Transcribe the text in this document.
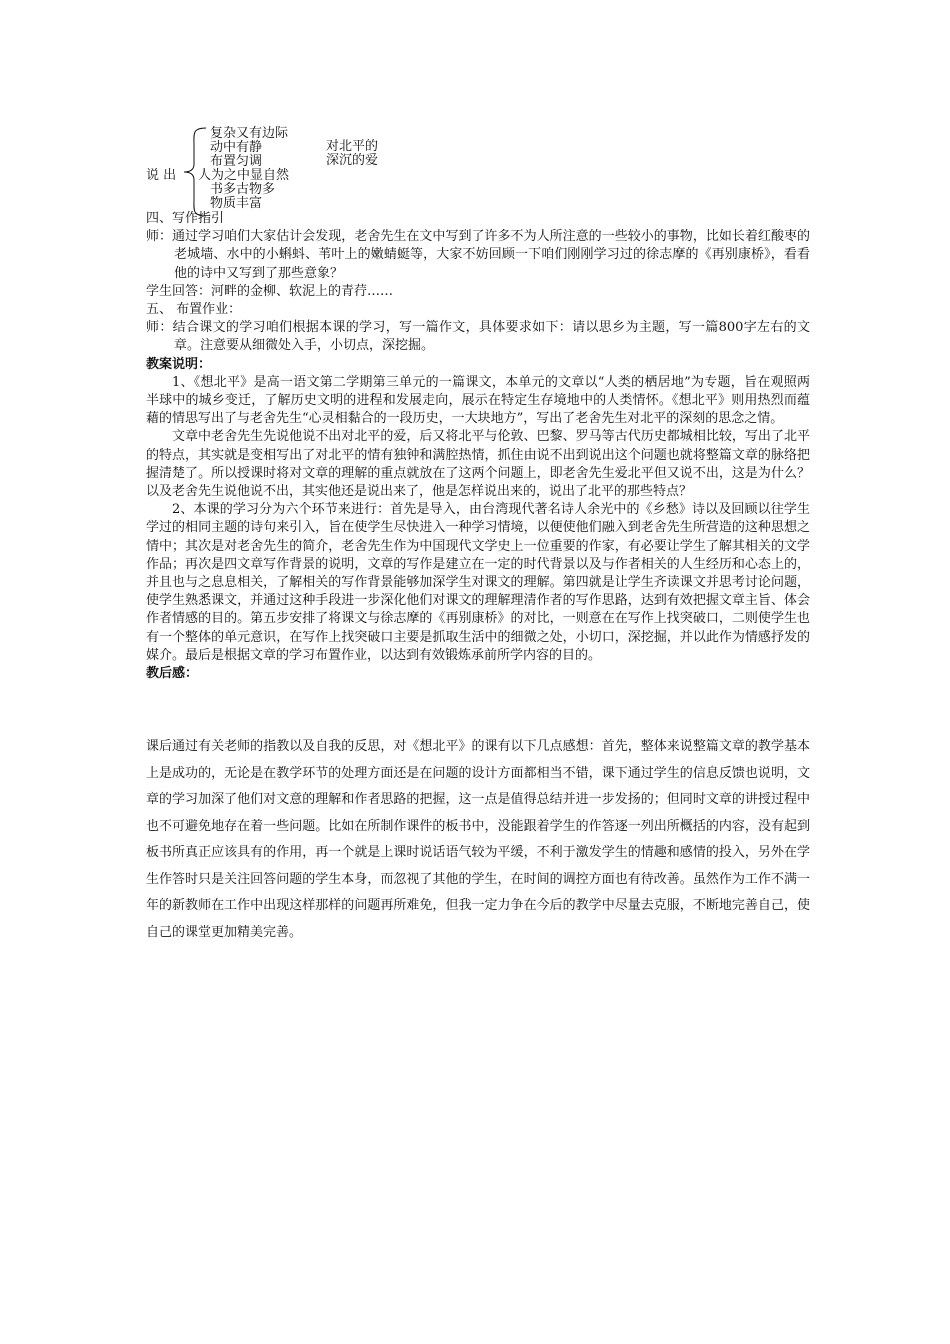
复杂又有边际
动中有静
布置匀调
人为之中显自然
书多古物多
物质丰富
说 出
对北平的
深沉的爱

四、写作指引

师：通过学习咱们大家估计会发现，老舍先生在文中写到了许多不为人所注意的一些较小的事物，比如长着红酸枣的老城墙、水中的小蝌蚪、苇叶上的嫩蜻蜓等，大家不妨回顾一下咱们刚刚学习过的徐志摩的《再别康桥》，看看他的诗中又写到了那些意象？

学生回答：河畔的金柳、软泥上的青荇……

五、 布置作业：

师：结合课文的学习咱们根据本课的学习，写一篇作文，具体要求如下：请以思乡为主题，写一篇800字左右的文章。注意要从细微处入手，小切点，深挖掘。

教案说明：

1、《想北平》是高一语文第二学期第三单元的一篇课文，本单元的文章以“人类的栖居地”为专题，旨在观照两半球中的城乡变迁，了解历史文明的进程和发展走向，展示在特定生存境地中的人类情怀。《想北平》则用热烈而蕴藉的情思写出了与老舍先生“心灵相黏合的一段历史，一大块地方”，写出了老舍先生对北平的深刻的思念之情。

文章中老舍先生先说他说不出对北平的爱，后又将北平与伦敦、巴黎、罗马等古代历史都城相比较，写出了北平的特点，其实就是变相写出了对北平的情有独钟和满腔热情，抓住由说不出到说出这个问题也就将整篇文章的脉络把握清楚了。所以授课时将对文章的理解的重点就放在了这两个问题上，即老舍先生爱北平但又说不出，这是为什么？以及老舍先生说他说不出，其实他还是说出来了，他是怎样说出来的，说出了北平的那些特点？

2、本课的学习分为六个环节来进行：首先是导入，由台湾现代著名诗人余光中的《乡愁》诗以及回顾以往学生学过的相同主题的诗句来引入，旨在使学生尽快进入一种学习情境，以便使他们融入到老舍先生所营造的这种思想之情中；其次是对老舍先生的简介，老舍先生作为中国现代文学史上一位重要的作家，有必要让学生了解其相关的文学作品；再次是四文章写作背景的说明，文章的写作是建立在一定的时代背景以及与作者相关的人生经历和心态上的，并且也与之息息相关，了解相关的写作背景能够加深学生对课文的理解。第四就是让学生齐读课文并思考讨论问题，使学生熟悉课文，并通过这种手段进一步深化他们对课文的理解理清作者的写作思路，达到有效把握文章主旨、体会作者情感的目的。第五步安排了将课文与徐志摩的《再别康桥》的对比，一则意在在写作上找突破口，二则使学生也有一个整体的单元意识，在写作上找突破口主要是抓取生活中的细微之处，小切口，深挖掘，并以此作为情感抒发的媒介。最后是根据文章的学习布置作业，以达到有效锻炼承前所学内容的目的。

教后感：

课后通过有关老师的指教以及自我的反思，对《想北平》的课有以下几点感想：首先，整体来说整篇文章的教学基本上是成功的，无论是在教学环节的处理方面还是在问题的设计方面都相当不错，课下通过学生的信息反馈也说明，文章的学习加深了他们对文意的理解和作者思路的把握，这一点是值得总结并进一步发扬的；但同时文章的讲授过程中也不可避免地存在着一些问题。比如在所制作课件的板书中，没能跟着学生的作答逐一列出所概括的内容，没有起到板书所真正应该具有的作用，再一个就是上课时说话语气较为平缓，不利于激发学生的情趣和感情的投入，另外在学生作答时只是关注回答问题的学生本身，而忽视了其他的学生，在时间的调控方面也有待改善。虽然作为工作不满一年的新教师在工作中出现这样那样的问题再所难免，但我一定力争在今后的教学中尽量去克服，不断地完善自己，使自己的课堂更加精美完善。
